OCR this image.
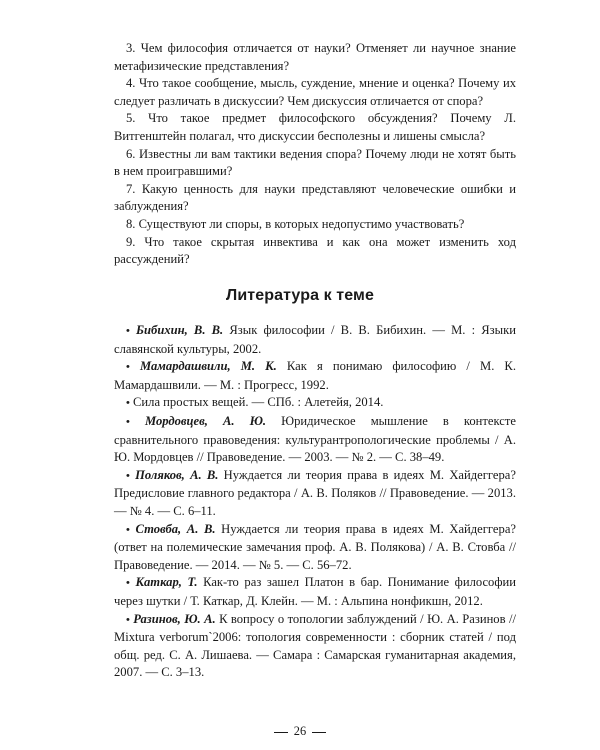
3. Чем философия отличается от науки? Отменяет ли научное знание метафизические представления?

4. Что такое сообщение, мысль, суждение, мнение и оценка? Почему их следует различать в дискуссии? Чем дискуссия отличается от спора?

5. Что такое предмет философского обсуждения? Почему Л. Витгенштейн полагал, что дискуссии бесполезны и лишены смысла?

6. Известны ли вам тактики ведения спора? Почему люди не хотят быть в нем проигравшими?

7. Какую ценность для науки представляют человеческие ошибки и заблуждения?

8. Существуют ли споры, в которых недопустимо участвовать?

9. Что такое скрытая инвектива и как она может изменить ход рассуждений?

Литература к теме

• Бибихин, В. В. Язык философии / В. В. Бибихин. — М. : Языки славянской культуры, 2002.

• Мамардашвили, М. К. Как я понимаю философию / М. К. Мамардашвили. — М. : Прогресс, 1992.

• Сила простых вещей. — СПб. : Алетейя, 2014.

• Мордовцев, А. Ю. Юридическое мышление в контексте сравнительного правоведения: культурантропологические проблемы / А. Ю. Мордовцев // Правоведение. — 2003. — № 2. — С. 38–49.

• Поляков, А. В. Нуждается ли теория права в идеях М. Хайдеггера? Предисловие главного редактора / А. В. Поляков // Правоведение. — 2013. — № 4. — С. 6–11.

• Стовба, А. В. Нуждается ли теория права в идеях М. Хайдеггера? (ответ на полемические замечания проф. А. В. Полякова) / А. В. Стовба // Правоведение. — 2014. — № 5. — С. 56–72.

• Каткар, Т. Как-то раз зашел Платон в бар. Понимание философии через шутки / Т. Каткар, Д. Клейн. — М. : Альпина нонфикшн, 2012.

• Разинов, Ю. А. К вопросу о топологии заблуждений / Ю. А. Разинов // Mixtura verborum`2006: топология современности : сборник статей / под общ. ред. С. А. Лишаева. — Самара : Самарская гуманитарная академия, 2007. — С. 3–13.

26
